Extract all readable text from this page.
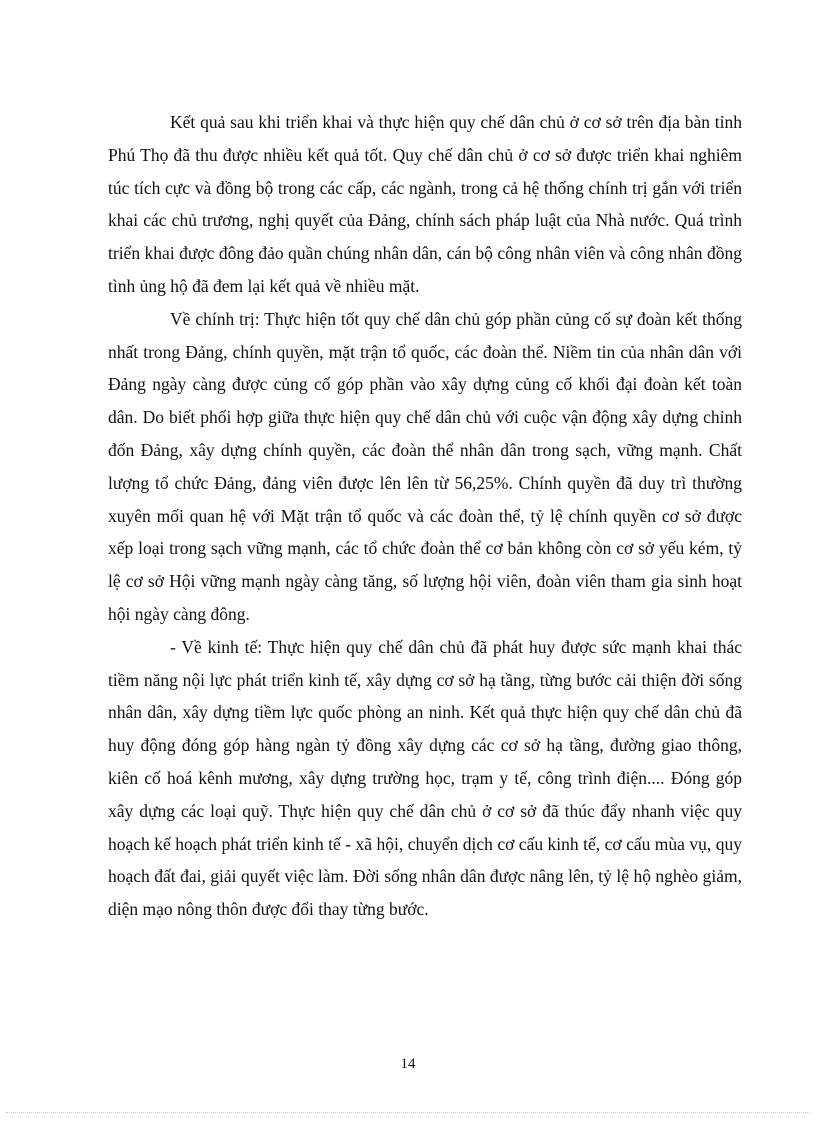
Kết quả sau khi triển khai và thực hiện quy chế dân chủ ở cơ sở trên địa bàn tỉnh Phú Thọ đã thu được nhiều kết quả tốt. Quy chế dân chủ ở cơ sở được triển khai nghiêm túc tích cực và đồng bộ trong các cấp, các ngành, trong cả hệ thống chính trị gắn với triển khai các chủ trương, nghị quyết của Đảng, chính sách pháp luật của Nhà nước. Quá trình triển khai được đông đảo quần chúng nhân dân, cán bộ công nhân viên và công nhân đồng tình ủng hộ đã đem lại kết quả về nhiều mặt.

Về chính trị: Thực hiện tốt quy chế dân chủ góp phần củng cố sự đoàn kết thống nhất trong Đảng, chính quyền, mặt trận tổ quốc, các đoàn thể. Niềm tin của nhân dân với Đảng ngày càng được củng cố góp phần vào xây dựng củng cố khối đại đoàn kết toàn dân. Do biết phối hợp giữa thực hiện quy chế dân chủ với cuộc vận động xây dựng chỉnh đốn Đảng, xây dựng chính quyền, các đoàn thể nhân dân trong sạch, vững mạnh. Chất lượng tổ chức Đảng, đảng viên được lên lên từ 56,25%. Chính quyền đã duy trì thường xuyên mối quan hệ với Mặt trận tổ quốc và các đoàn thể, tỷ lệ chính quyền cơ sở được xếp loại trong sạch vững mạnh, các tổ chức đoàn thể cơ bản không còn cơ sở yếu kém, tỷ lệ cơ sở Hội vững mạnh ngày càng tăng, số lượng hội viên, đoàn viên tham gia sinh hoạt hội ngày càng đông.

- Về kinh tế: Thực hiện quy chế dân chủ đã phát huy được sức mạnh khai thác tiềm năng nội lực phát triển kinh tế, xây dựng cơ sở hạ tầng, từng bước cải thiện đời sống nhân dân, xây dựng tiềm lực quốc phòng an ninh. Kết quả thực hiện quy chế dân chủ đã huy động đóng góp hàng ngàn tỷ đồng xây dựng các cơ sở hạ tầng, đường giao thông, kiên cố hoá kênh mương, xây dựng trường học, trạm y tế, công trình điện.... Đóng góp xây dựng các loại quỹ. Thực hiện quy chế dân chủ ở cơ sở đã thúc đẩy nhanh việc quy hoạch kế hoạch phát triển kinh tế - xã hội, chuyển dịch cơ cấu kinh tế, cơ cấu mùa vụ, quy hoạch đất đai, giải quyết việc làm. Đời sống nhân dân được nâng lên, tỷ lệ hộ nghèo giảm, diện mạo nông thôn được đổi thay từng bước.

14
